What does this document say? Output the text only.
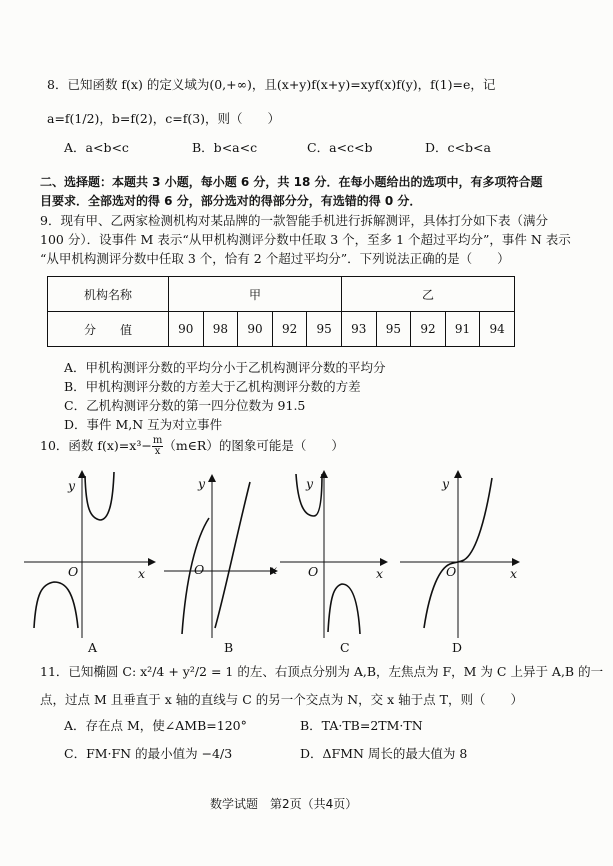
8．已知函数 f(x) 的定义域为(0,+∞)，且(x+y)f(x+y)=xyf(x)f(y)，f(1)=e，记
a=f(1/2)，b=f(2)，c=f(3)，则（　　）
A．a<b<c	B．b<a<c	C．a<c<b	D．c<b<a
二、选择题：本题共 3 小题，每小题 6 分，共 18 分．在每小题给出的选项中，有多项符合题
目要求．全部选对的得 6 分，部分选对的得部分分，有选错的得 0 分．
9．现有甲、乙两家检测机构对某品牌的一款智能手机进行拆解测评，具体打分如下表（满分
100 分）．设事件 M 表示“从甲机构测评分数中任取 3 个，至多 1 个超过平均分”，事件 N 表示
“从甲机构测评分数中任取 3 个，恰有 2 个超过平均分”．下列说法正确的是（　　）
机构名称	甲					乙				
分　　值	90	98	90	92	95	93	95	92	91	94
A．甲机构测评分数的平均分小于乙机构测评分数的平均分
B．甲机构测评分数的方差大于乙机构测评分数的方差
C．乙机构测评分数的第一四分位数为 91.5
D．事件 M,N 互为对立事件
10．函数 $f(x)=x^3- \frac{m}{x}$ （m∈R）的图象可能是（　　）
y
x
O
A
y
x
O
B
y
x
O
C
y
x
O
D
11．已知椭圆 C: x²/4 + y²/2 = 1 的左、右顶点分别为 A,B，左焦点为 F，M 为 C 上异于 A,B 的一
点，过点 M 且垂直于 x 轴的直线与 C 的另一个交点为 N，交 x 轴于点 T，则（　　）
A．存在点 M，使∠AMB=120°	B．TA·TB=2TM·TN
C．FM·FN 的最小值为 −4/3	D．ΔFMN 周长的最大值为 8
数学试题　第2页（共4页）
